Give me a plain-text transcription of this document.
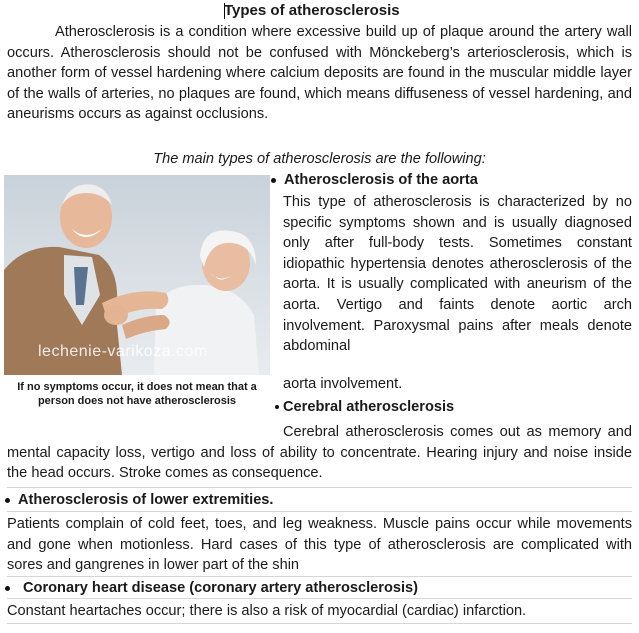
Types of atherosclerosis

Atherosclerosis is a condition where excessive build up of plaque around the artery wall occurs. Atherosclerosis should not be confused with Mönckeberg’s arteriosclerosis, which is another form of vessel hardening where calcium deposits are found in the muscular middle layer of the walls of arteries, no plaques are found, which means diffuseness of vessel hardening, and aneurisms occurs as against occlusions.

The main types of atherosclerosis are the following:
lechenie-varikoza.com
If no symptoms occur, it does not mean that a person does not have atherosclerosis
Atherosclerosis of the aorta

This type of atherosclerosis is characterized by no specific symptoms shown and is usually diagnosed only after full-body tests. Sometimes constant idiopathic hypertensia denotes atherosclerosis of the aorta. It is usually complicated with aneurism of the aorta. Vertigo and faints denote aortic arch involvement. Paroxysmal pains after meals denote abdominal

aorta involvement.
Cerebral atherosclerosis

Cerebral atherosclerosis comes out as memory and mental capacity loss, vertigo and loss of ability to concentrate. Hearing injury and noise inside the head occurs. Stroke comes as consequence.

Atherosclerosis of lower extremities.

Patients complain of cold feet, toes, and leg weakness. Muscle pains occur while movements and gone when motionless. Hard cases of this type of atherosclerosis are complicated with sores and gangrenes in lower part of the shin

Coronary heart disease (coronary artery atherosclerosis)

Constant heartaches occur; there is also a risk of myocardial (cardiac) infarction.
